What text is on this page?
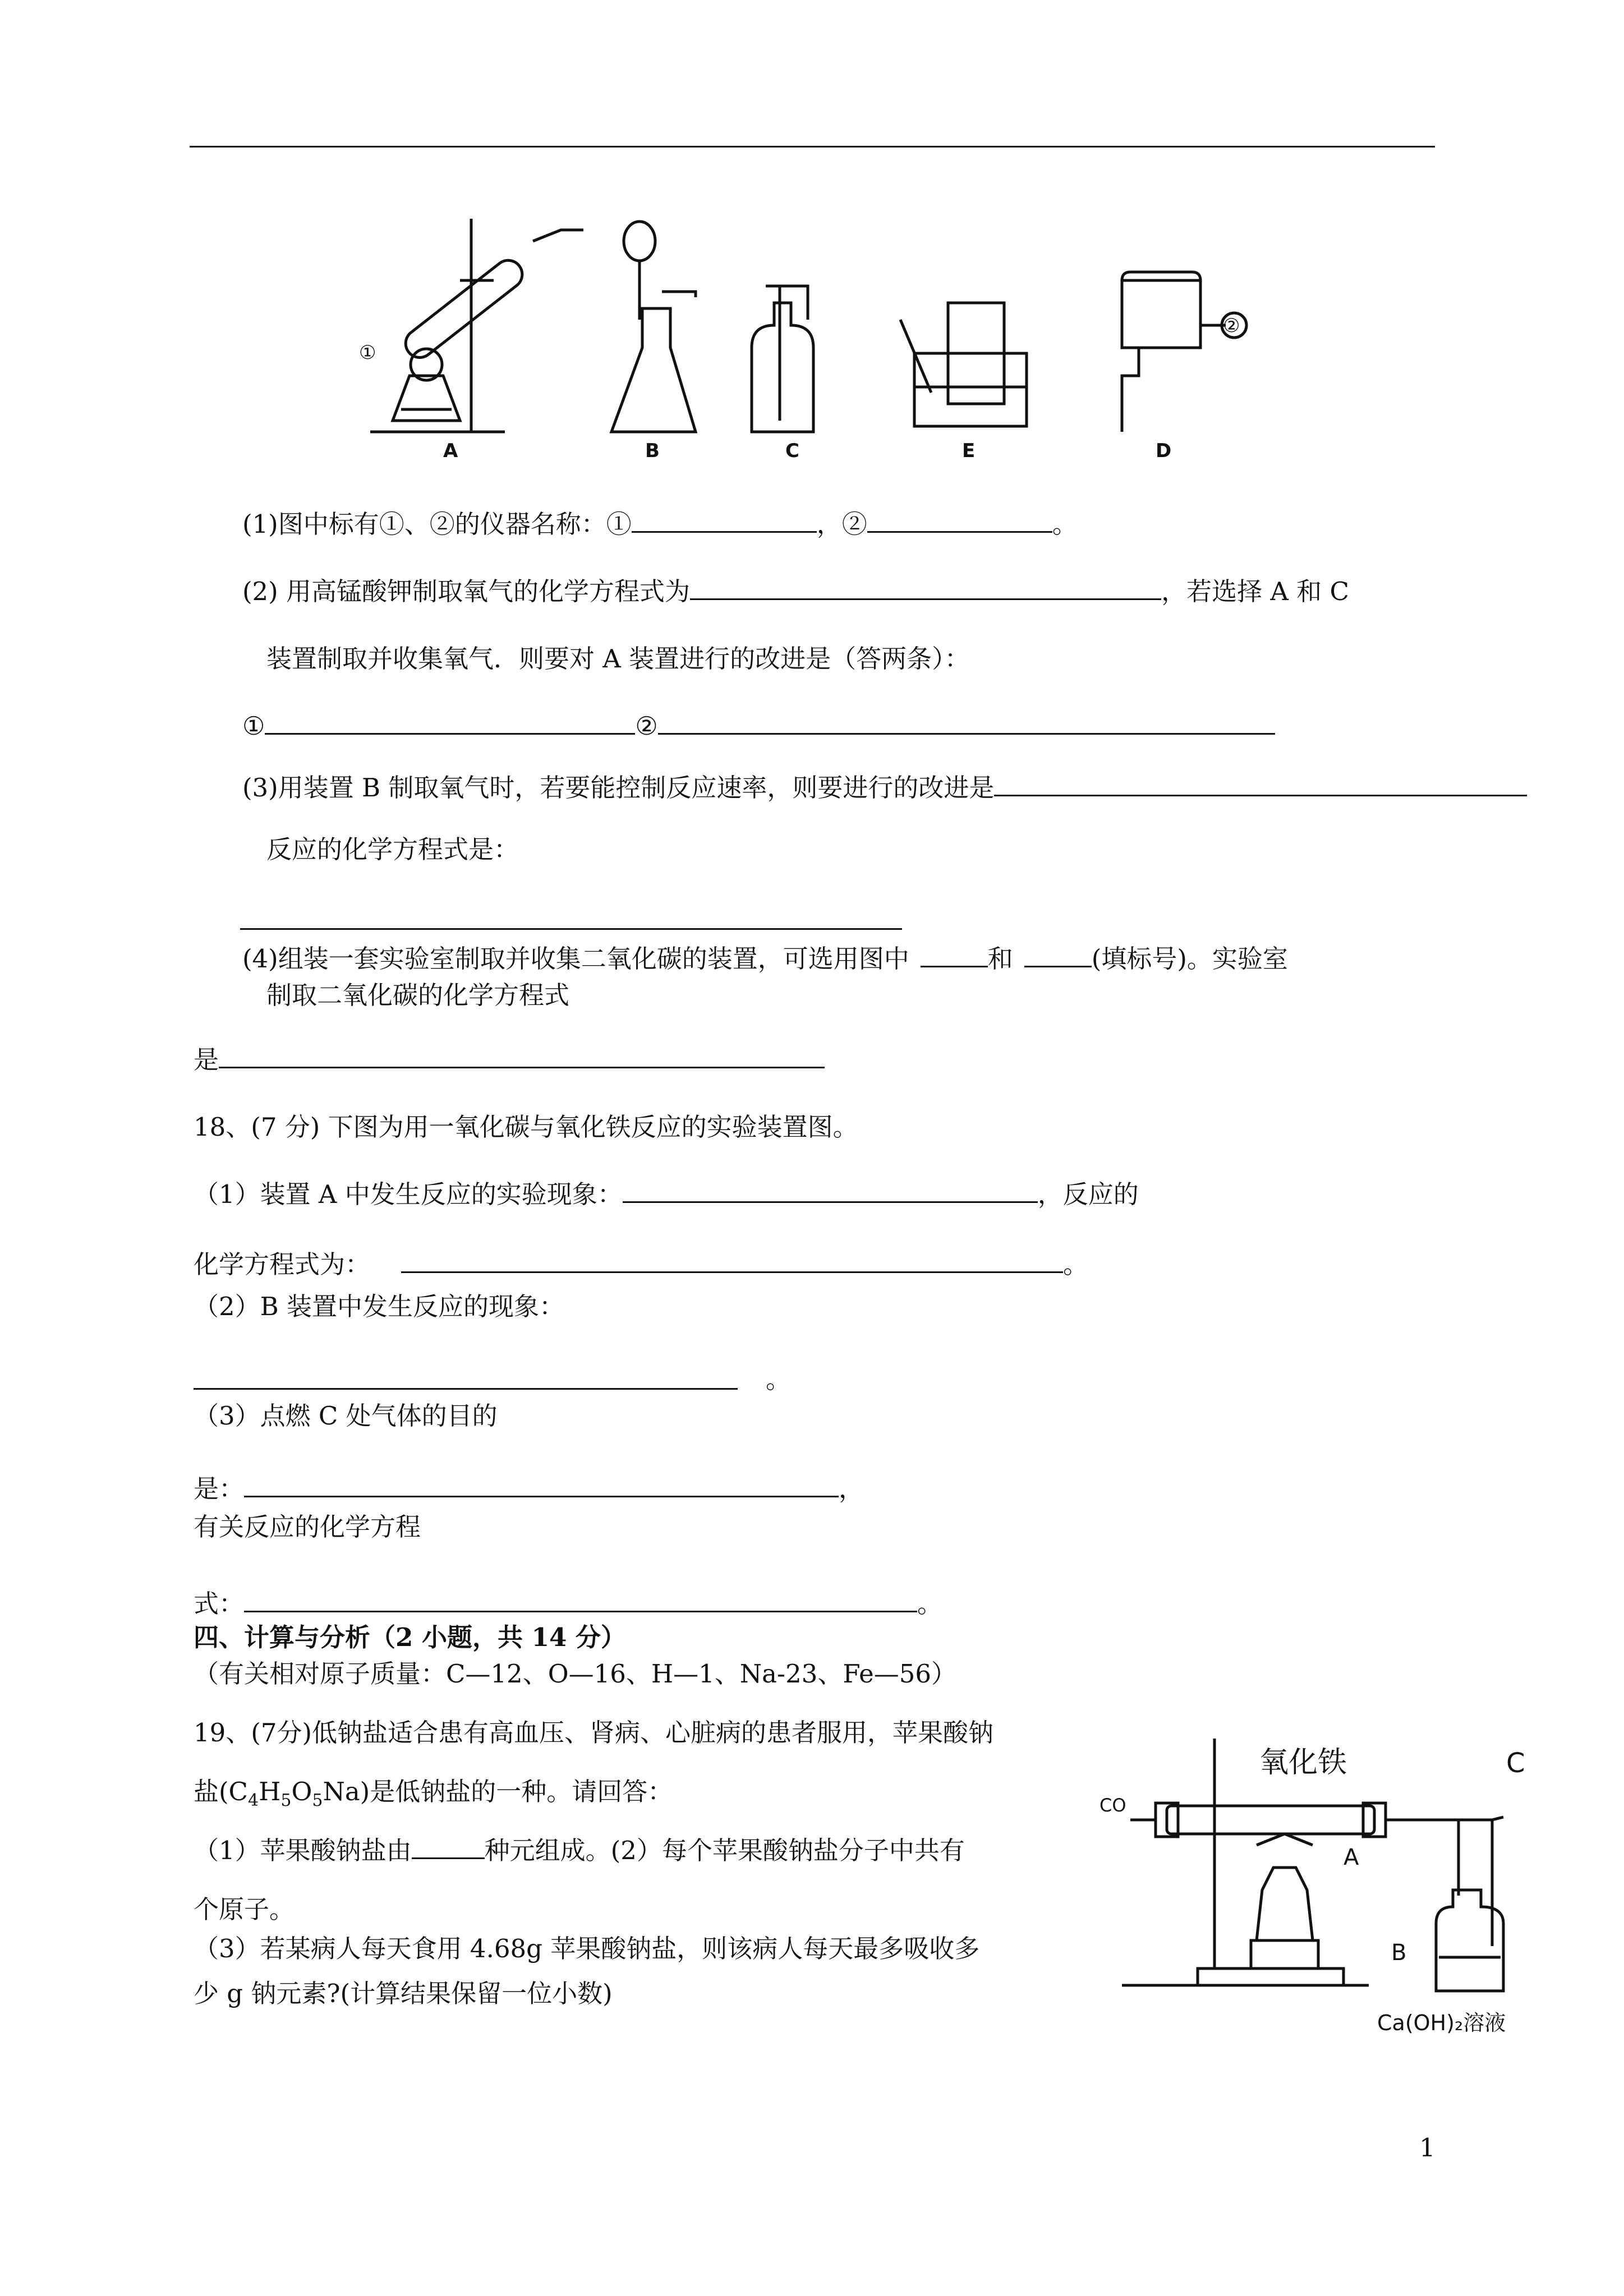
A	B	C	E	D
①
②
(1)图中标有①、②的仪器名称：①	，②	。
(2) 用高锰酸钾制取氧气的化学方程式为	，若选择 A 和 C
装置制取并收集氧气．则要对 A 装置进行的改进是（答两条）：
①	②
(3)用装置 B 制取氧气时，若要能控制反应速率，则要进行的改进是
反应的化学方程式是：
(4)组装一套实验室制取并收集二氧化碳的装置，可选用图中	和	(填标号)。实验室
制取二氧化碳的化学方程式
是
18、(7 分) 下图为用一氧化碳与氧化铁反应的实验装置图。
（1）装置 A 中发生反应的实验现象：	，反应的
化学方程式为：	。
（2）B 装置中发生反应的现象：
。
（3）点燃 C 处气体的目的
是：	，
有关反应的化学方程
式：	。
四、计算与分析（2 小题，共 14 分）
（有关相对原子质量：C—12、O—16、H—1、Na-23、Fe—56）
19、(7分)低钠盐适合患有高血压、肾病、心脏病的患者服用，苹果酸钠
盐$(C_4H_5O_5Na)$是低钠盐的一种。请回答：
（1）苹果酸钠盐由	种元组成。(2）每个苹果酸钠盐分子中共有
个原子。
（3）若某病人每天食用 4.68g 苹果酸钠盐，则该病人每天最多吸收多
少 g 钠元素?(计算结果保留一位小数)
CO
氧化铁
A
B
C
Ca(OH)₂溶液
1
